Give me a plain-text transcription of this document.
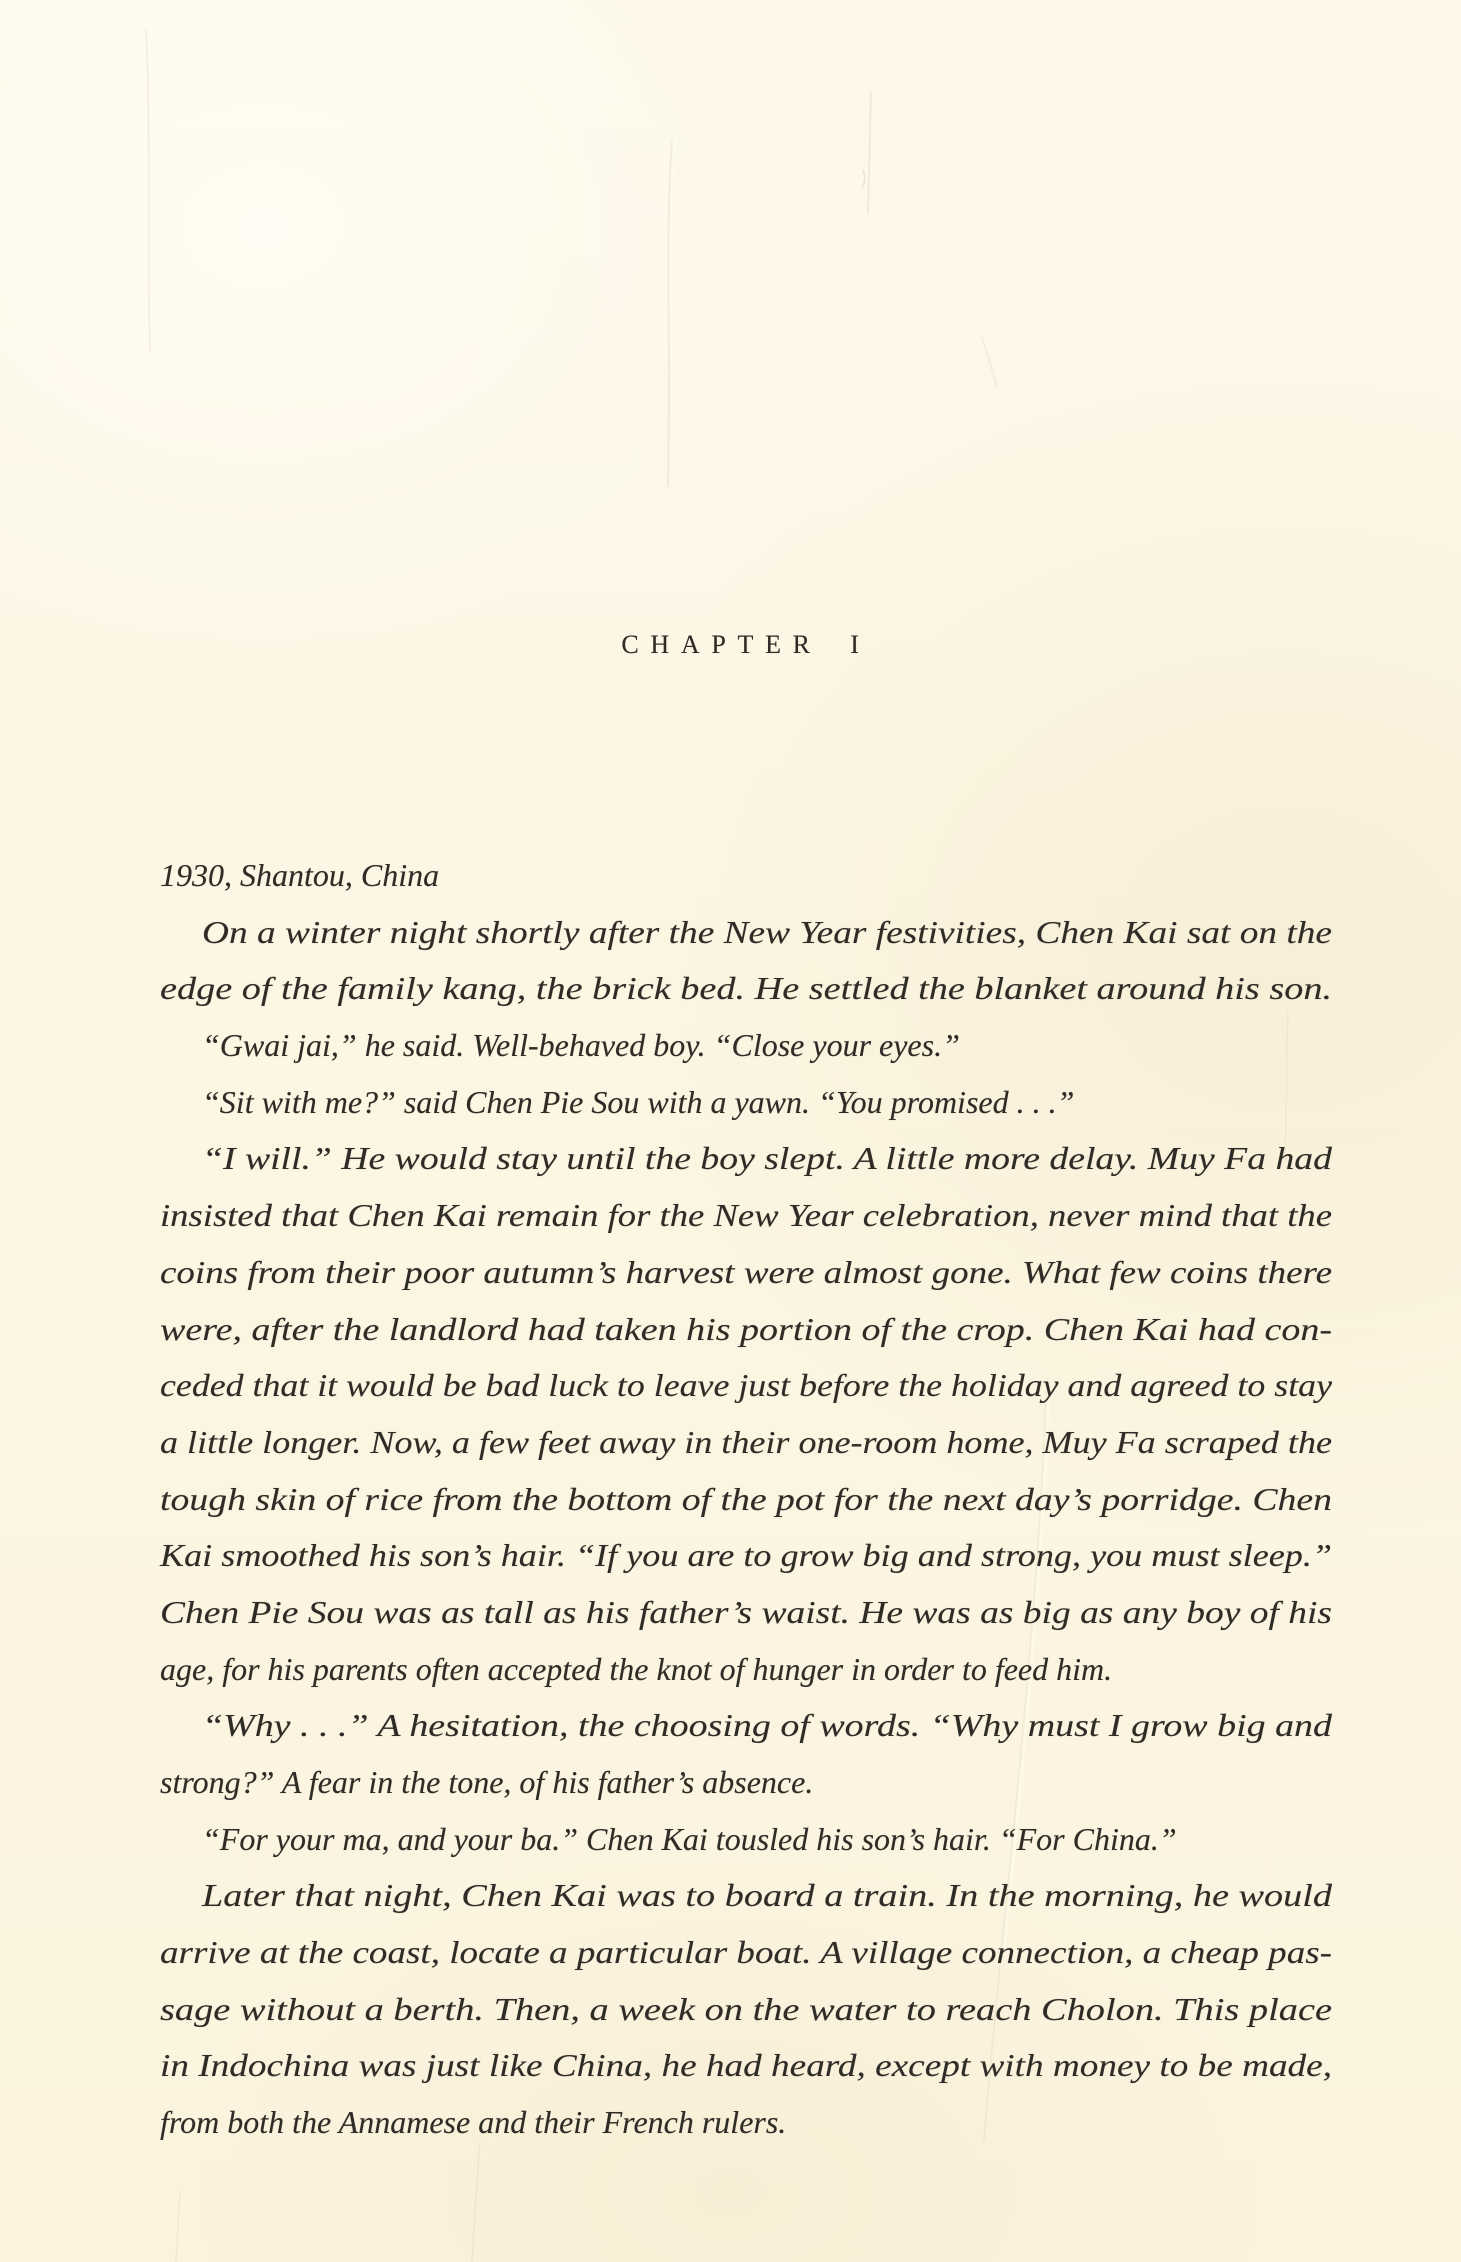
CHAPTER I
1930, Shantou, China
On a winter night shortly after the New Year festivities, Chen Kai sat on the
edge of the family kang, the brick bed. He settled the blanket around his son.
“Gwai jai,” he said. Well-behaved boy. “Close your eyes.”
“Sit with me?” said Chen Pie Sou with a yawn. “You promised . . .”
“I will.” He would stay until the boy slept. A little more delay. Muy Fa had
insisted that Chen Kai remain for the New Year celebration, never mind that the
coins from their poor autumn’s harvest were almost gone. What few coins there
were, after the landlord had taken his portion of the crop. Chen Kai had con-
ceded that it would be bad luck to leave just before the holiday and agreed to stay
a little longer. Now, a few feet away in their one-room home, Muy Fa scraped the
tough skin of rice from the bottom of the pot for the next day’s porridge. Chen
Kai smoothed his son’s hair. “If you are to grow big and strong, you must sleep.”
Chen Pie Sou was as tall as his father’s waist. He was as big as any boy of his
age, for his parents often accepted the knot of hunger in order to feed him.
“Why . . .” A hesitation, the choosing of words. “Why must I grow big and
strong?” A fear in the tone, of his father’s absence.
“For your ma, and your ba.” Chen Kai tousled his son’s hair. “For China.”
Later that night, Chen Kai was to board a train. In the morning, he would
arrive at the coast, locate a particular boat. A village connection, a cheap pas-
sage without a berth. Then, a week on the water to reach Cholon. This place
in Indochina was just like China, he had heard, except with money to be made,
from both the Annamese and their French rulers.
